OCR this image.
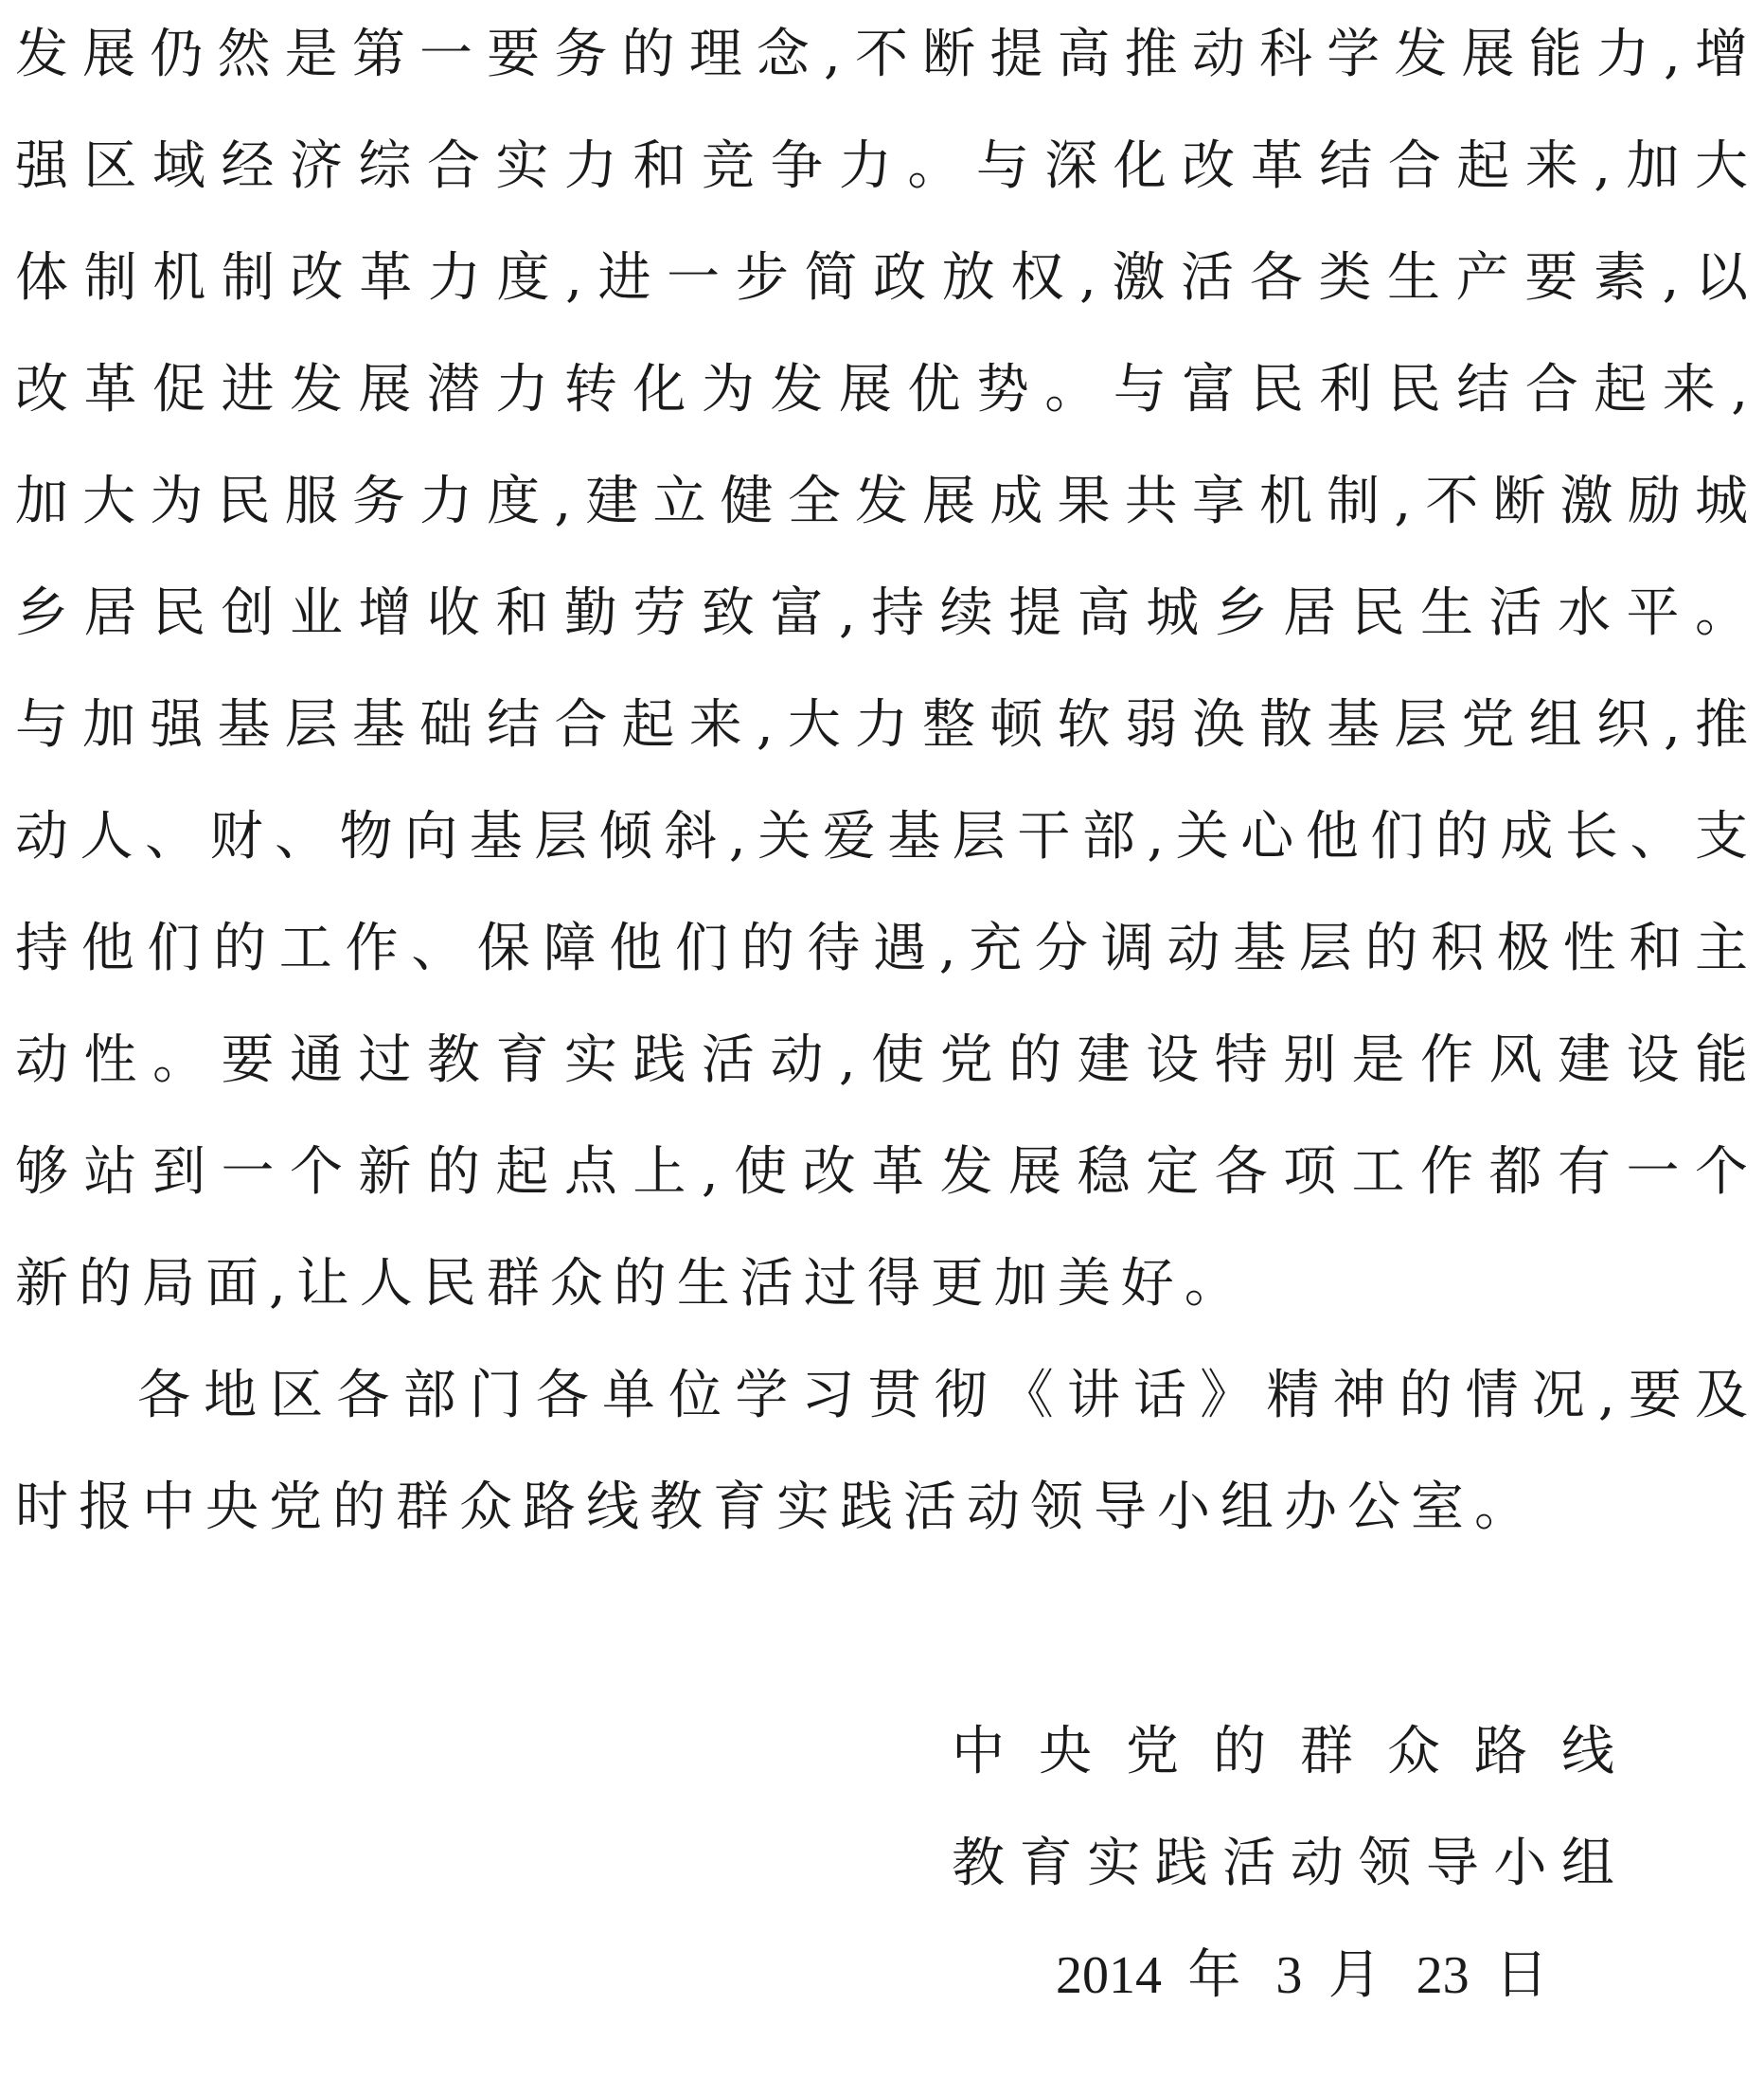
发展仍然是第一要务的理念,不断提高推动科学发展能力,增

强区域经济综合实力和竞争力。与深化改革结合起来,加大

体制机制改革力度,进一步简政放权,激活各类生产要素,以

改革促进发展潜力转化为发展优势。与富民利民结合起来,

加大为民服务力度,建立健全发展成果共享机制,不断激励城

乡居民创业增收和勤劳致富,持续提高城乡居民生活水平。

与加强基层基础结合起来,大力整顿软弱涣散基层党组织,推

动人、财、物向基层倾斜,关爱基层干部,关心他们的成长、支

持他们的工作、保障他们的待遇,充分调动基层的积极性和主

动性。要通过教育实践活动,使党的建设特别是作风建设能

够站到一个新的起点上,使改革发展稳定各项工作都有一个

新的局面,让人民群众的生活过得更加美好。

各地区各部门各单位学习贯彻《讲话》精神的情况,要及

时报中央党的群众路线教育实践活动领导小组办公室。

中央党的群众路线

教育实践活动领导小组

2014 年 3 月 23 日
